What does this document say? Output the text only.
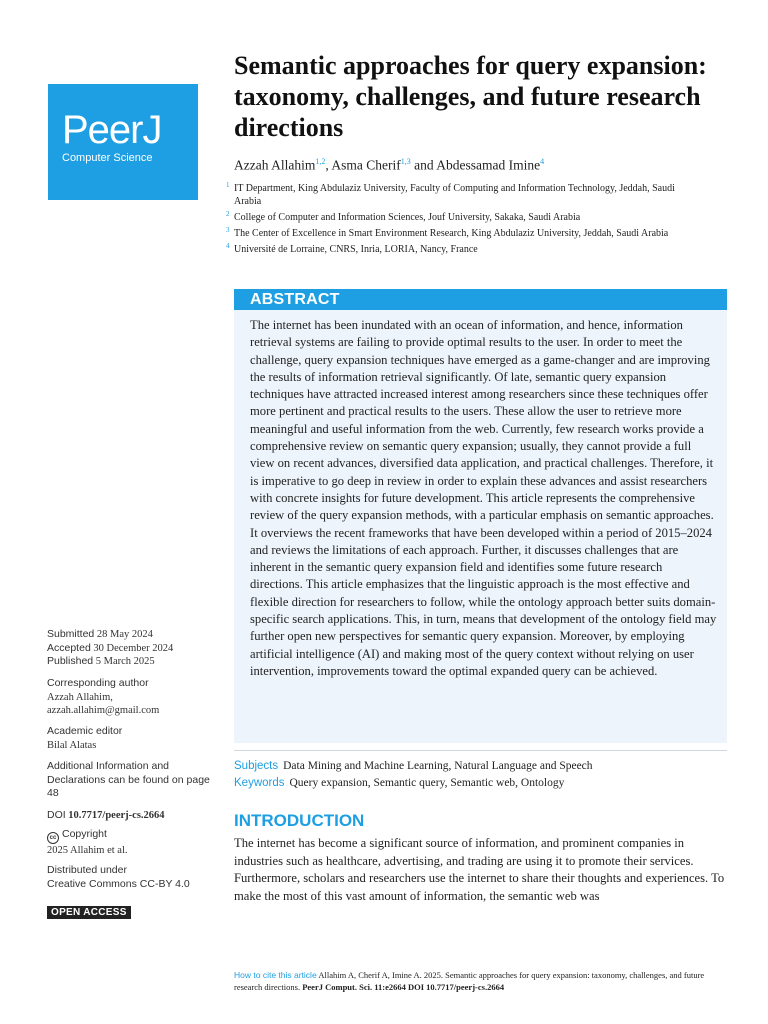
PeerJ
Computer Science
Semantic approaches for query expansion: taxonomy, challenges, and future research directions
Azzah Allahim$^{1,2}$, Asma Cherif$^{1,3}$ and Abdessamad Imine$^4$
1 IT Department, King Abdulaziz University, Faculty of Computing and Information Technology, Jeddah, Saudi Arabia
2 College of Computer and Information Sciences, Jouf University, Sakaka, Saudi Arabia
3 The Center of Excellence in Smart Environment Research, King Abdulaziz University, Jeddah, Saudi Arabia
4 Université de Lorraine, CNRS, Inria, LORIA, Nancy, France
ABSTRACT
The internet has been inundated with an ocean of information, and hence, information retrieval systems are failing to provide optimal results to the user. In order to meet the challenge, query expansion techniques have emerged as a game-changer and are improving the results of information retrieval significantly. Of late, semantic query expansion techniques have attracted increased interest among researchers since these techniques offer more pertinent and practical results to the users. These allow the user to retrieve more meaningful and useful information from the web. Currently, few research works provide a comprehensive review on semantic query expansion; usually, they cannot provide a full view on recent advances, diversified data application, and practical challenges. Therefore, it is imperative to go deep in review in order to explain these advances and assist researchers with concrete insights for future development. This article represents the comprehensive review of the query expansion methods, with a particular emphasis on semantic approaches. It overviews the recent frameworks that have been developed within a period of 2015–2024 and reviews the limitations of each approach. Further, it discusses challenges that are inherent in the semantic query expansion field and identifies some future research directions. This article emphasizes that the linguistic approach is the most effective and flexible direction for researchers to follow, while the ontology approach better suits domain-specific search applications. This, in turn, means that development of the ontology field may further open new perspectives for semantic query expansion. Moreover, by employing artificial intelligence (AI) and making most of the query context without relying on user intervention, improvements toward the optimal expanded query can be achieved.
Subjects Data Mining and Machine Learning, Natural Language and Speech
Keywords Query expansion, Semantic query, Semantic web, Ontology
INTRODUCTION

The internet has become a significant source of information, and prominent companies in industries such as healthcare, advertising, and trading are using it to promote their services. Furthermore, scholars and researchers use the internet to share their thoughts and experiences. To make the most of this vast amount of information, the semantic web was

Submitted 28 May 2024
Accepted 30 December 2024
Published 5 March 2025
Corresponding author
Azzah Allahim,
azzah.allahim@gmail.com
Academic editor
Bilal Alatas
Additional Information and Declarations can be found on page 48
DOI 10.7717/peerj-cs.2664
cc Copyright
2025 Allahim et al.
Distributed under
Creative Commons CC-BY 4.0
OPEN ACCESS
How to cite this article Allahim A, Cherif A, Imine A. 2025. Semantic approaches for query expansion: taxonomy, challenges, and future research directions. PeerJ Comput. Sci. 11:e2664 DOI 10.7717/peerj-cs.2664
